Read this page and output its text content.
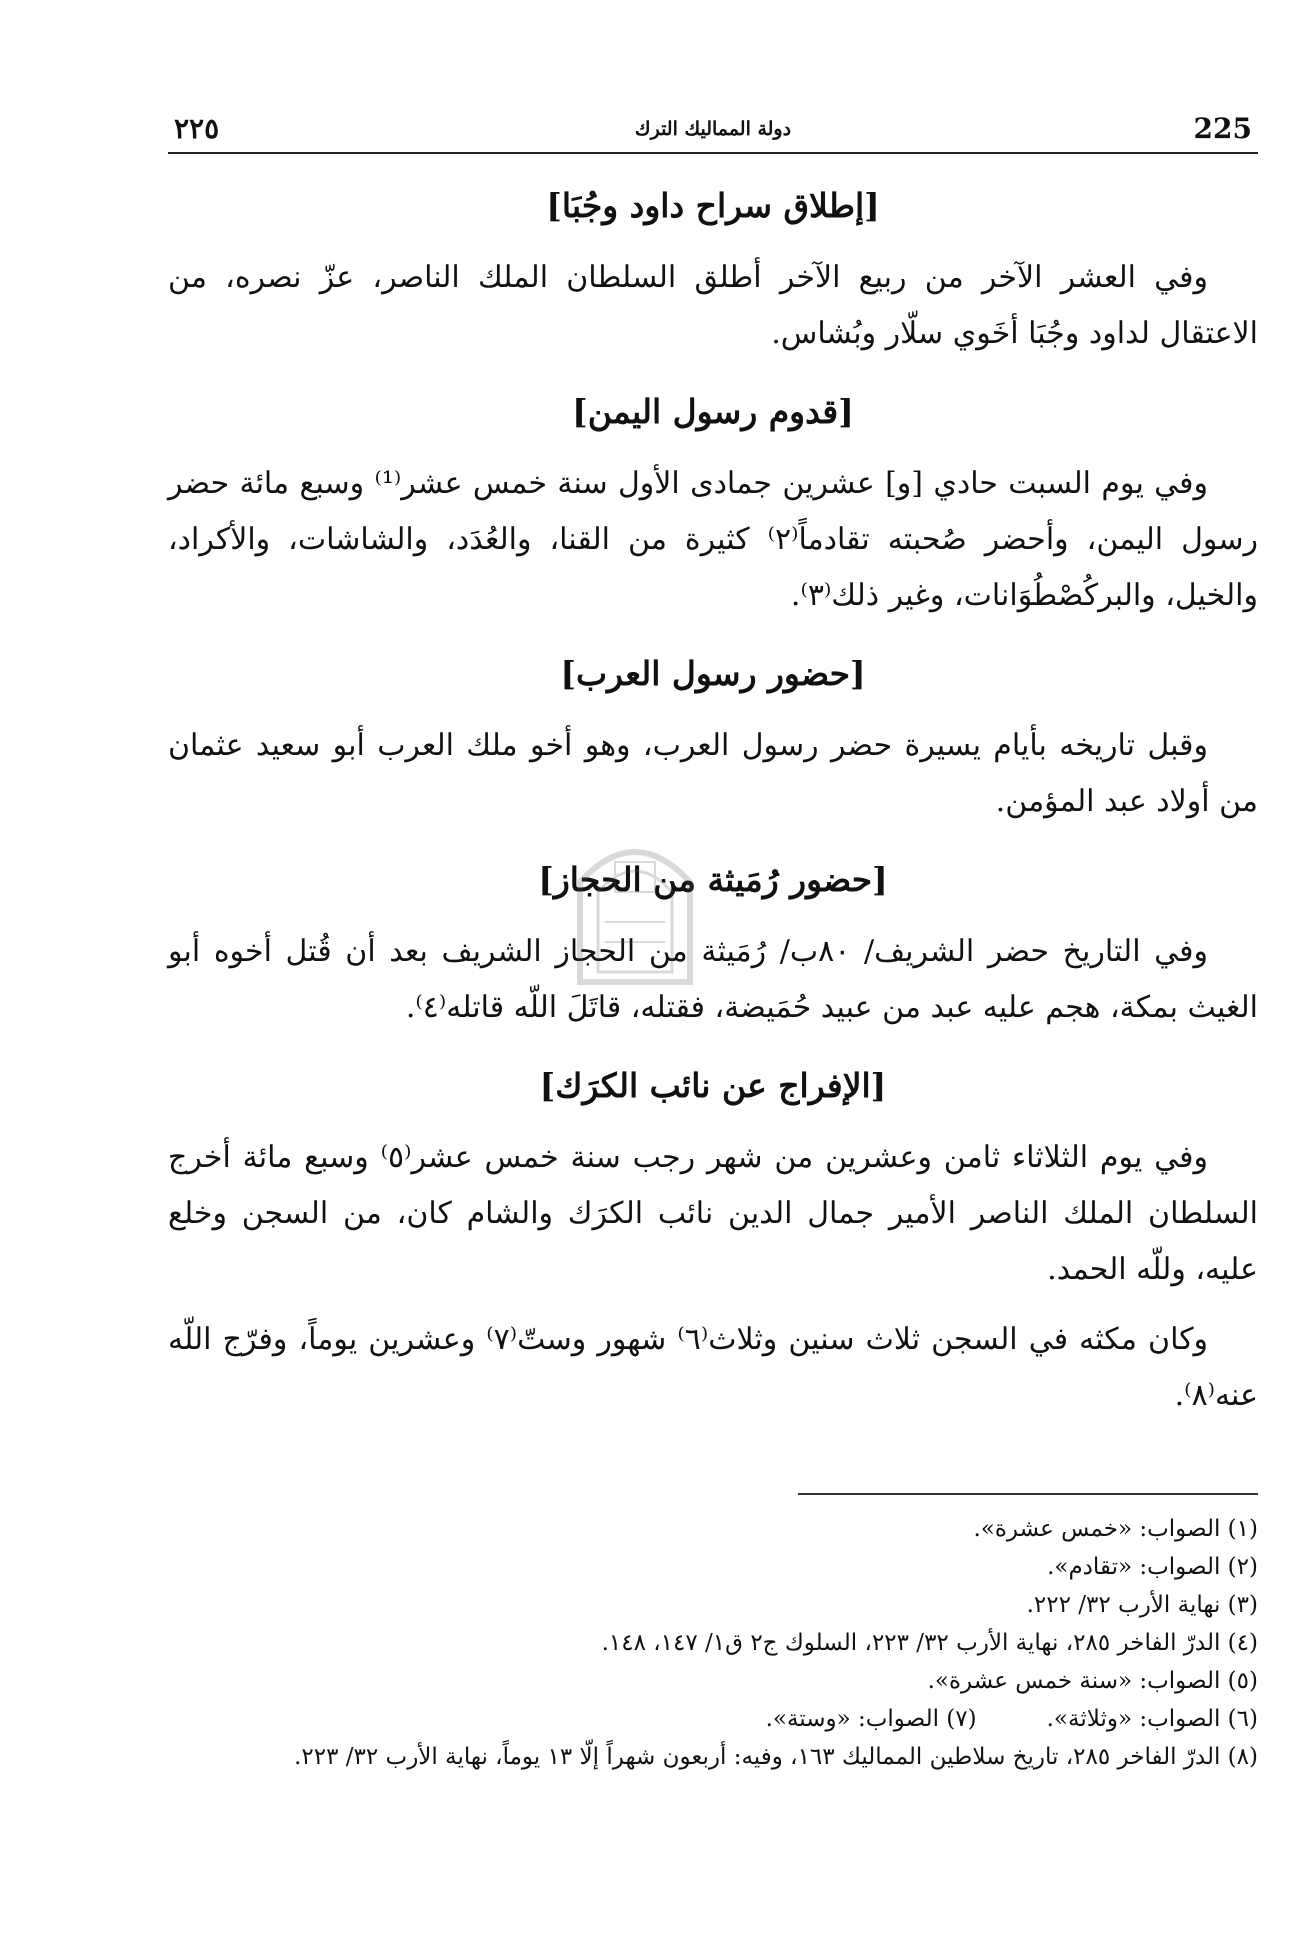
225
دولة المماليك الترك
٢٢٥
[إطلاق سراح داود وجُبَا]

وفي العشر الآخر من ربيع الآخر أطلق السلطان الملك الناصر، عزّ نصره، من الاعتقال لداود وجُبَا أخَوي سلّار وبُشاس.

[قدوم رسول اليمن]

وفي يوم السبت حادي [و] عشرين جمادى الأول سنة خمس عشر⁽¹⁾ وسبع مائة حضر رسول اليمن، وأحضر صُحبته تقادماً⁽٢⁾ كثيرة من القنا، والعُدَد، والشاشات، والأكراد، والخيل، والبركُصْطُوَانات، وغير ذلك⁽٣⁾.

[حضور رسول العرب]

وقبل تاريخه بأيام يسيرة حضر رسول العرب، وهو أخو ملك العرب أبو سعيد عثمان من أولاد عبد المؤمن.

[حضور رُمَيثة من الحجاز]

وفي التاريخ حضر الشريف/ ٨٠ب/ رُمَيثة من الحجاز الشريف بعد أن قُتل أخوه أبو الغيث بمكة، هجم عليه عبد من عبيد حُمَيضة، فقتله، قاتَلَ اللّه قاتله⁽٤⁾.

[الإفراج عن نائب الكرَك]

وفي يوم الثلاثاء ثامن وعشرين من شهر رجب سنة خمس عشر⁽٥⁾ وسبع مائة أخرج السلطان الملك الناصر الأمير جمال الدين نائب الكرَك والشام كان، من السجن وخلع عليه، وللّه الحمد.

وكان مكثه في السجن ثلاث سنين وثلاث⁽٦⁾ شهور وستّ⁽٧⁾ وعشرين يوماً، وفرّج اللّه عنه⁽٨⁾.

(١) الصواب: «خمس عشرة».

(٢) الصواب: «تقادم».

(٣) نهاية الأرب ٣٢/ ٢٢٢.

(٤) الدرّ الفاخر ٢٨٥، نهاية الأرب ٣٢/ ٢٢٣، السلوك ج٢ ق١/ ١٤٧، ١٤٨.

(٥) الصواب: «سنة خمس عشرة».

(٦) الصواب: «وثلاثة».

(٧) الصواب: «وستة».

(٨) الدرّ الفاخر ٢٨٥، تاريخ سلاطين المماليك ١٦٣، وفيه: أربعون شهراً إلّا ١٣ يوماً، نهاية الأرب ٣٢/ ٢٢٣.
